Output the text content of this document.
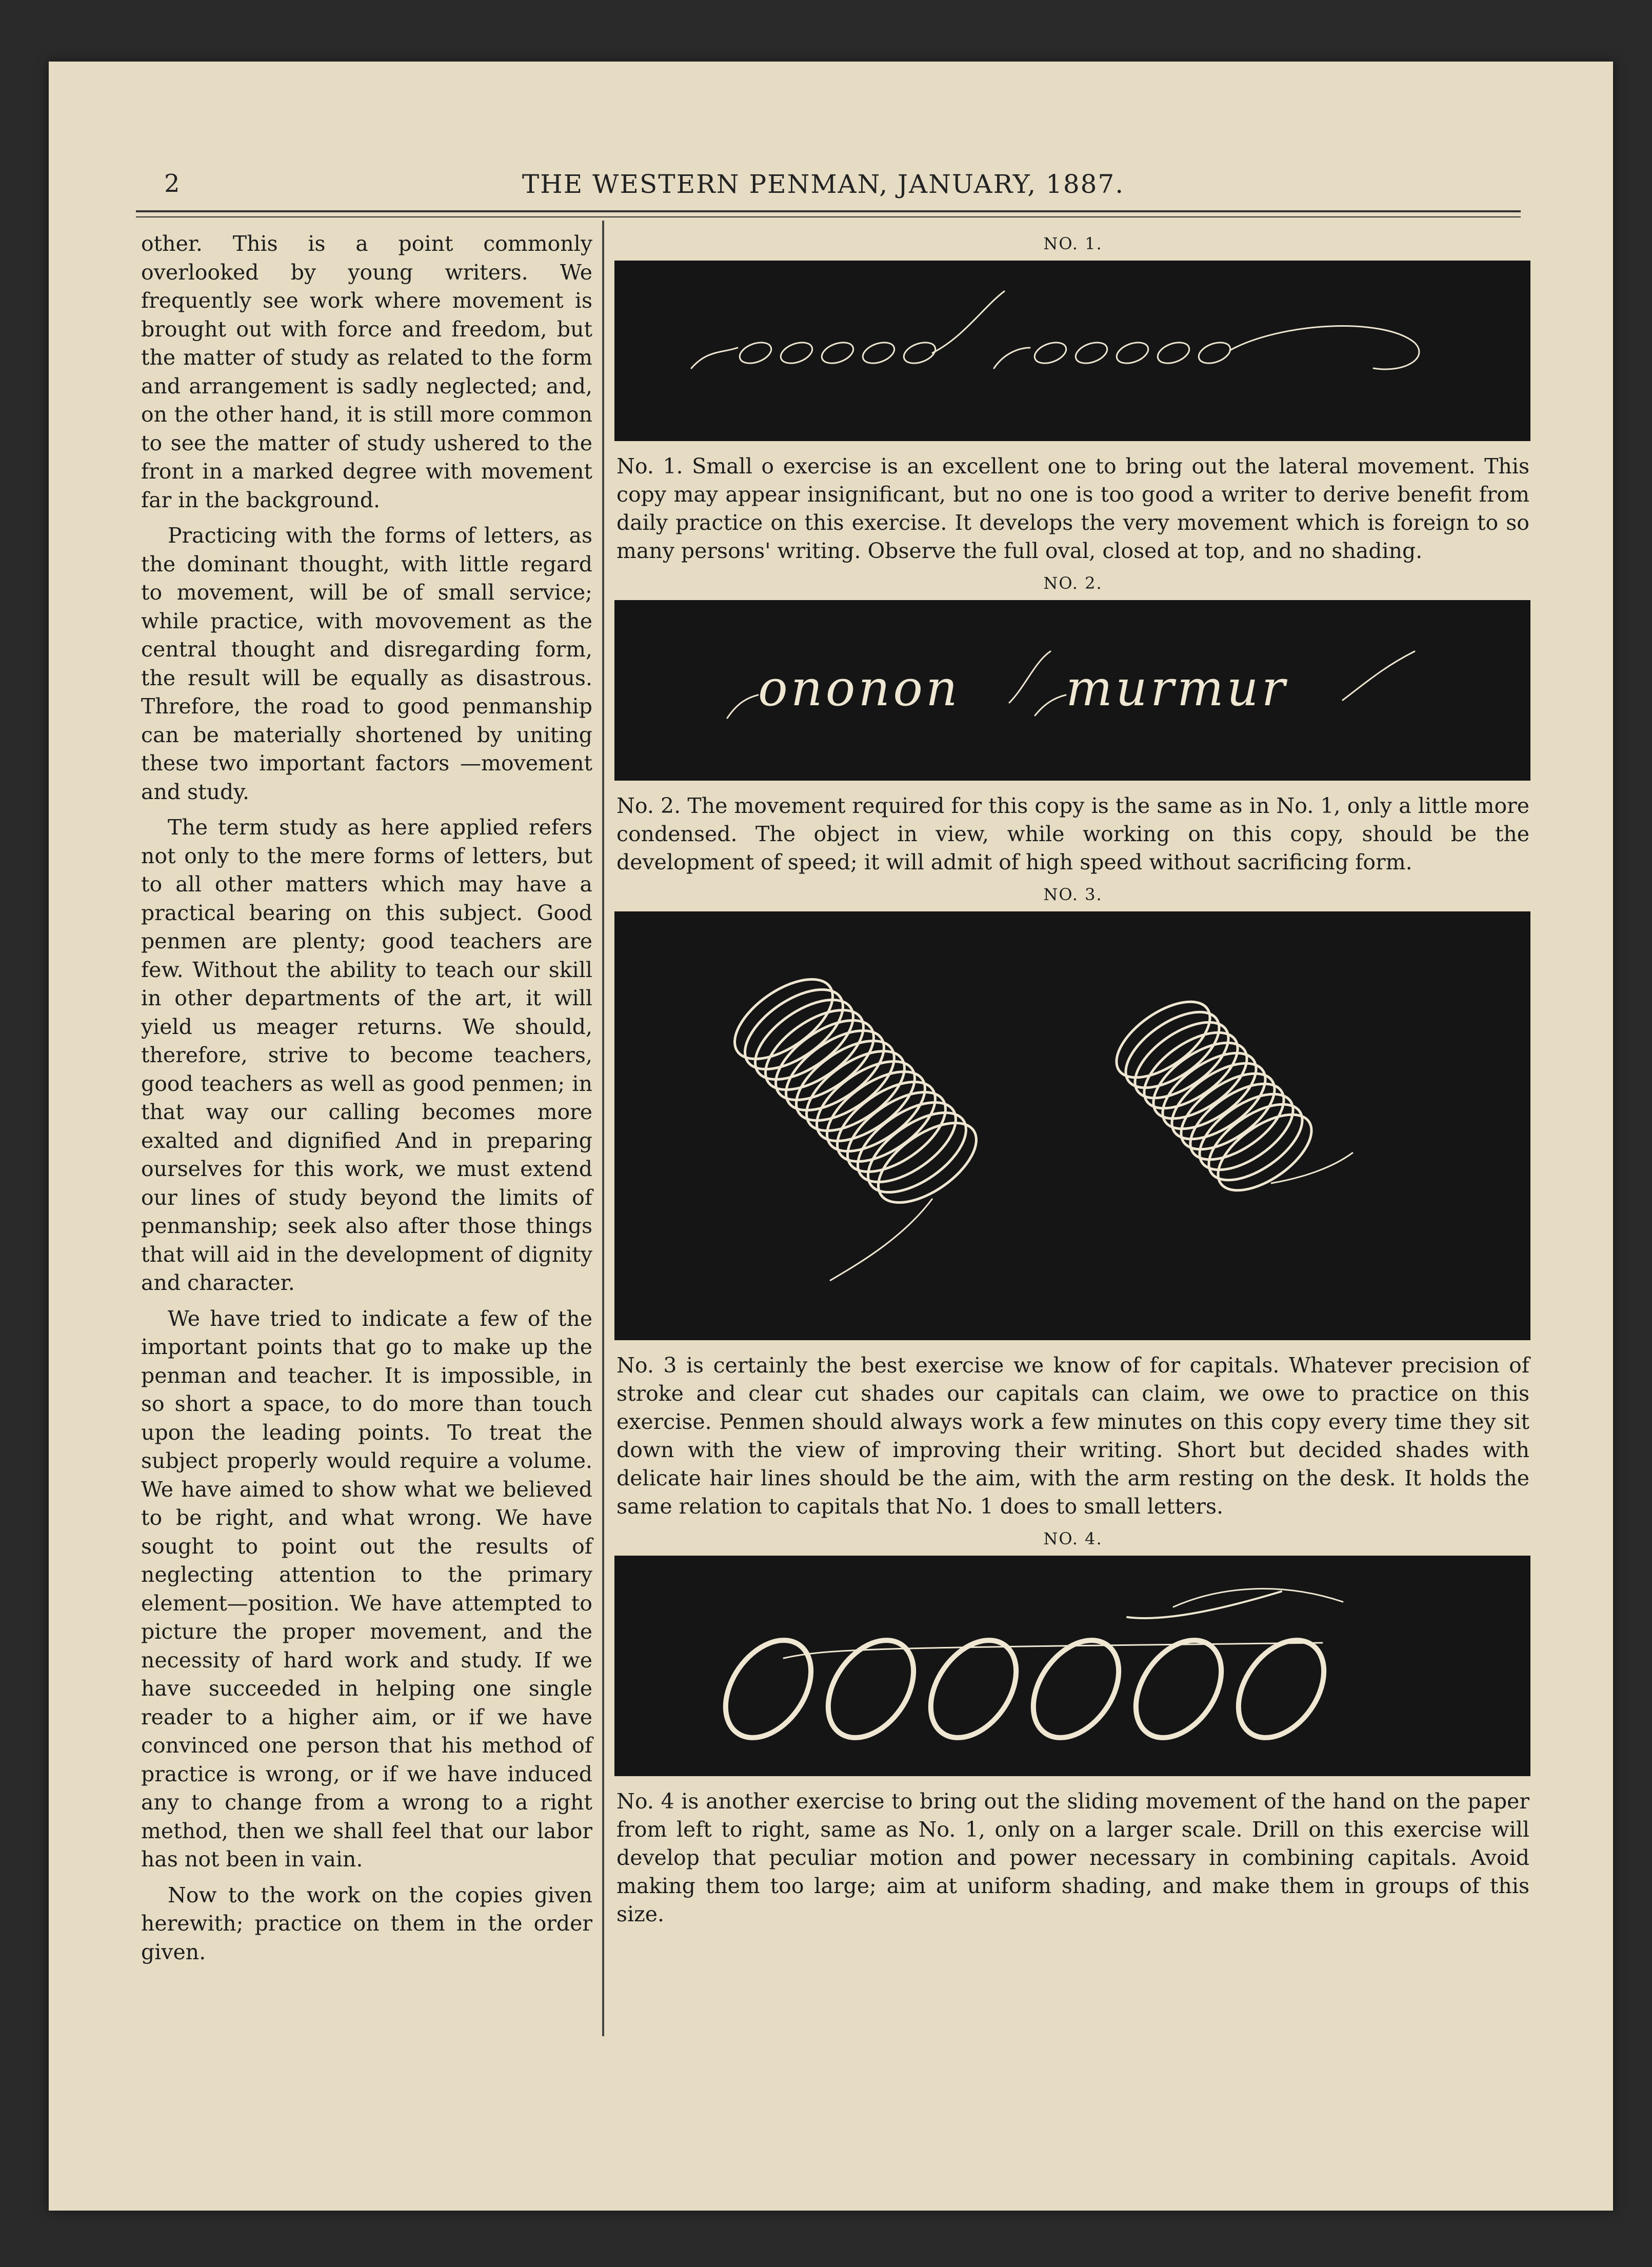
2	THE WESTERN PENMAN, JANUARY, 1887.

other. This is a point commonly overlooked by young writers. We frequently see work where movement is brought out with force and freedom, but the matter of study as related to the form and arrangement is sadly neglected; and, on the other hand, it is still more common to see the matter of study ushered to the front in a marked degree with movement far in the background.

Practicing with the forms of letters, as the dominant thought, with little regard to movement, will be of small service; while practice, with movovement as the central thought and disregarding form, the result will be equally as disastrous. Threfore, the road to good penmanship can be materially shortened by uniting these two important factors —movement and study.

The term study as here applied refers not only to the mere forms of letters, but to all other matters which may have a practical bearing on this subject. Good penmen are plenty; good teachers are few. Without the ability to teach our skill in other departments of the art, it will yield us meager returns. We should, therefore, strive to become teachers, good teachers as well as good penmen; in that way our calling becomes more exalted and dignified And in preparing ourselves for this work, we must extend our lines of study beyond the limits of penmanship; seek also after those things that will aid in the development of dignity and character.

We have tried to indicate a few of the important points that go to make up the penman and teacher. It is impossible, in so short a space, to do more than touch upon the leading points. To treat the subject properly would require a volume. We have aimed to show what we believed to be right, and what wrong. We have sought to point out the results of neglecting attention to the primary element—position. We have attempted to picture the proper movement, and the necessity of hard work and study. If we have succeeded in helping one single reader to a higher aim, or if we have convinced one person that his method of practice is wrong, or if we have induced any to change from a wrong to a right method, then we shall feel that our labor has not been in vain.

Now to the work on the copies given herewith; practice on them in the order given.

NO. 1.
No. 1. Small o exercise is an excellent one to bring out the lateral movement. This copy may appear insignificant, but no one is too good a writer to derive benefit from daily practice on this exercise. It develops the very movement which is foreign to so many persons' writing. Observe the full oval, closed at top, and no shading.
NO. 2.
ononon murmur
No. 2. The movement required for this copy is the same as in No. 1, only a little more condensed. The object in view, while working on this copy, should be the development of speed; it will admit of high speed without sacrificing form.
NO. 3.
No. 3 is certainly the best exercise we know of for capitals. Whatever precision of stroke and clear cut shades our capitals can claim, we owe to practice on this exercise. Penmen should always work a few minutes on this copy every time they sit down with the view of improving their writing. Short but decided shades with delicate hair lines should be the aim, with the arm resting on the desk. It holds the same relation to capitals that No. 1 does to small letters.
NO. 4.
No. 4 is another exercise to bring out the sliding movement of the hand on the paper from left to right, same as No. 1, only on a larger scale. Drill on this exercise will develop that peculiar motion and power necessary in combining capitals. Avoid making them too large; aim at uniform shading, and make them in groups of this size.
